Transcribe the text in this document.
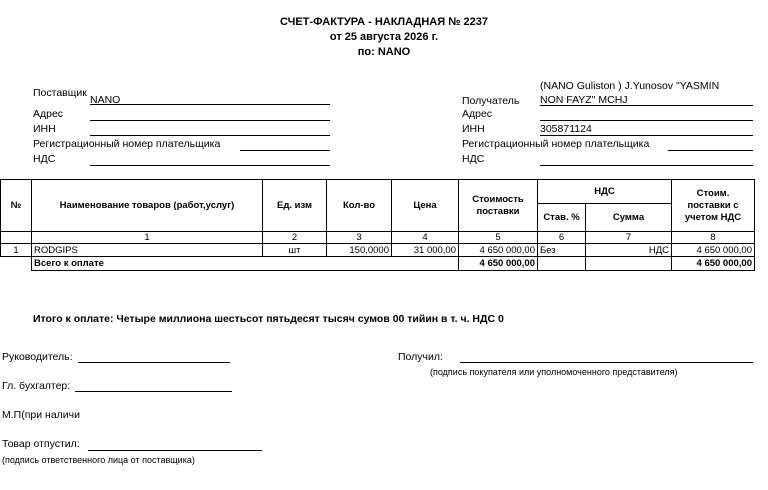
СЧЕТ-ФАКТУРА - НАКЛАДНАЯ № 2237
от 25 августа 2026 г.
по: NANO
Поставщик
NANO
Адрес
ИНН
Регистрационный номер плательщика
НДС
(NANO Guliston ) J.Yunosov "YASMIN
Получатель NON FAYZ" MCHJ
Адрес
ИНН	305871124
Регистрационный номер плательщика
НДС
№	Наименование товаров (работ,услуг)	Ед. изм	Кол-во	Цена	Стоимость поставки	НДС		Стоим. поставки с учетом НДС
						Став. %	Сумма	
	1	2	3	4	5	6	7	8
1	RODGIPS	шт	150,0000	31 000,00	4 650 000,00	Без	НДС	4 650 000,00
	Всего к оплате				4 650 000,00			4 650 000,00
Итого к оплате: Четыре миллиона шестьсот пятьдесят тысяч сумов 00 тийин в т. ч. НДС 0
Руководитель:	Получил:
(подпись покупателя или уполномоченного представителя)
Гл. бухгалтер:
М.П(при наличи
Товар отпустил:
(подпись ответственного лица от поставщика)
